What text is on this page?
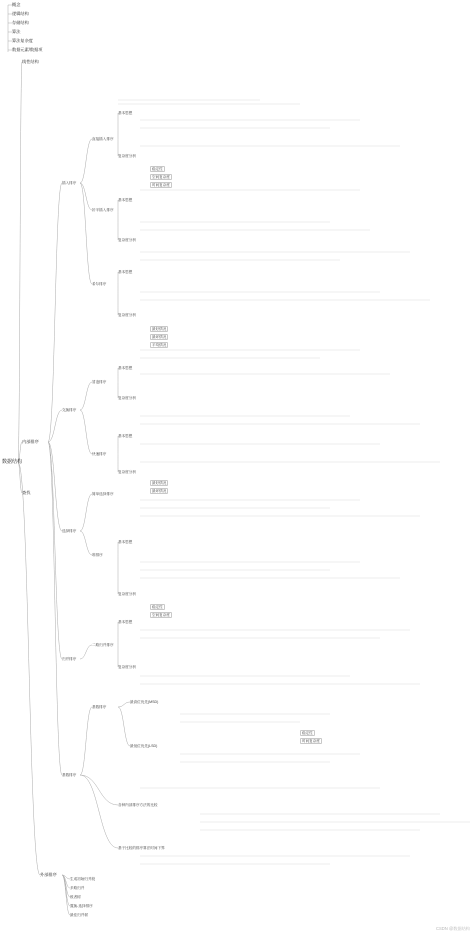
概念
逻辑结构
存储结构
算法
算法复杂度
数据元素/数据项
数据结构
内部排序
查找
线性结构
外部排序
插入排序
交换排序
选择排序
归并排序
基数排序
直接插入排序
折半插入排序
希尔排序
冒泡排序
快速排序
简单选择排序
堆排序
二路归并排序
基数排序
基本思想
复杂度分析
基本思想
复杂度分析
基本思想
复杂度分析
基本思想
复杂度分析
基本思想
复杂度分析
基本思想
复杂度分析
基本思想
复杂度分析
最高位优先(MSD)
最低位优先(LSD)
各种内部排序方法的比较
基于比较的排序算法时间下界
稳定性
空间复杂度
时间复杂度
最好情况
最坏情况
平均情况
最好情况
最坏情况
稳定性
空间复杂度
稳定性
时间复杂度
生成初始归并段
多路归并
败者树
置换-选择排序
最佳归并树
CSDN @数据结构
